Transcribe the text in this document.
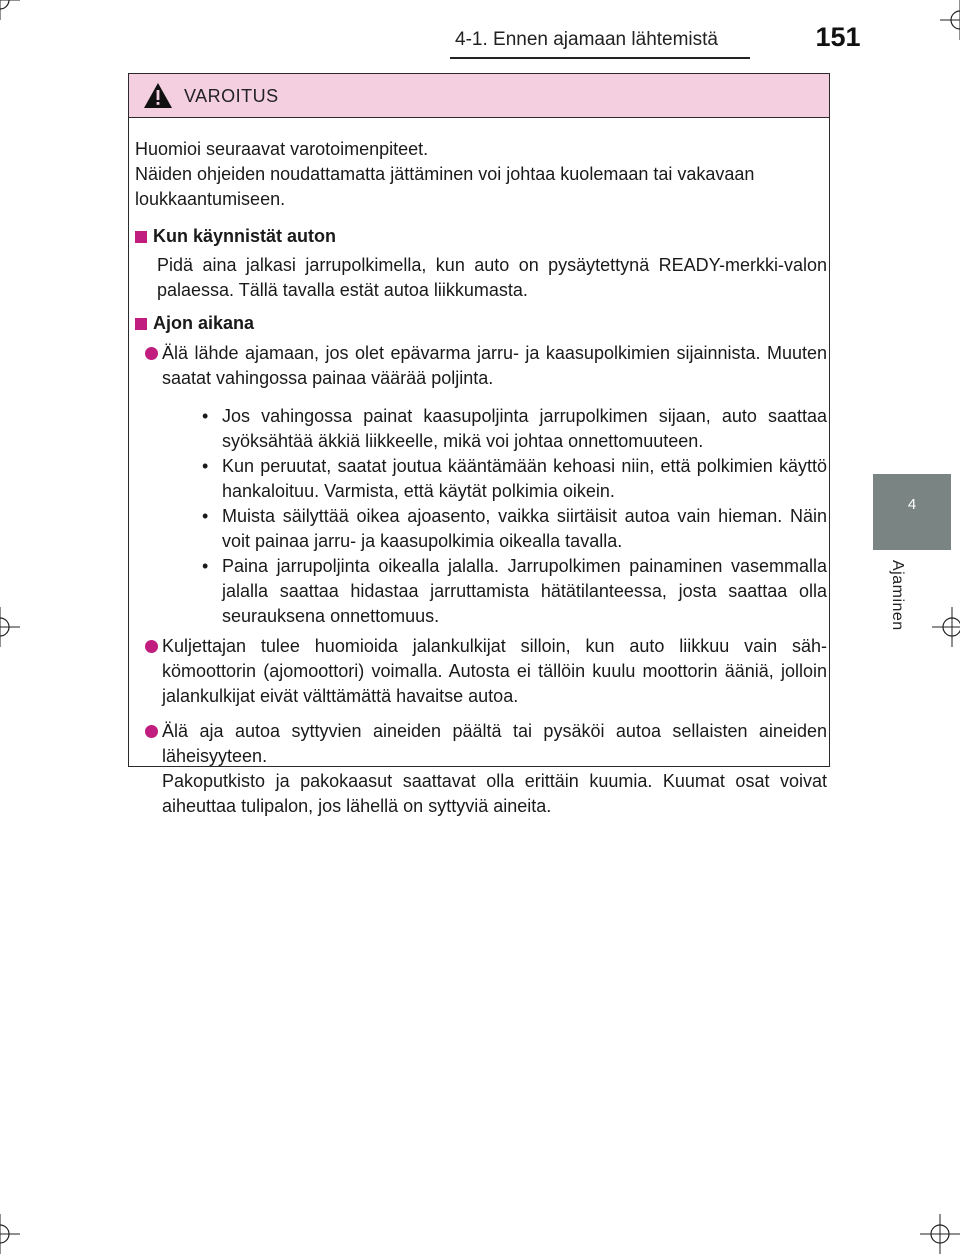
4-1. Ennen ajamaan lähtemistä	151
4
Ajaminen
VAROITUS

Huomioi seuraavat varotoimenpiteet.

Näiden ohjeiden noudattamatta jättäminen voi johtaa kuolemaan tai vakavaan loukkaantumiseen.

Kun käynnistät auton

Pidä aina jalkasi jarrupolkimella, kun auto on pysäytettynä READY-merkki-valon palaessa. Tällä tavalla estät autoa liikkumasta.

Ajon aikana

Älä lähde ajamaan, jos olet epävarma jarru- ja kaasupolkimien sijainnista. Muuten saatat vahingossa painaa väärää poljinta.

• Jos vahingossa painat kaasupoljinta jarrupolkimen sijaan, auto saattaa syöksähtää äkkiä liikkeelle, mikä voi johtaa onnettomuuteen.
• Kun peruutat, saatat joutua kääntämään kehoasi niin, että polkimien käyttö hankaloituu. Varmista, että käytät polkimia oikein.
• Muista säilyttää oikea ajoasento, vaikka siirtäisit autoa vain hieman. Näin voit painaa jarru- ja kaasupolkimia oikealla tavalla.
• Paina jarrupoljinta oikealla jalalla. Jarrupolkimen painaminen vasemmalla jalalla saattaa hidastaa jarruttamista hätätilanteessa, josta saattaa olla seurauksena onnettomuus.

Kuljettajan tulee huomioida jalankulkijat silloin, kun auto liikkuu vain säh-kömoottorin (ajomoottori) voimalla. Autosta ei tällöin kuulu moottorin ääniä, jolloin jalankulkijat eivät välttämättä havaitse autoa.

Älä aja autoa syttyvien aineiden päältä tai pysäköi autoa sellaisten aineiden läheisyyteen.

Pakoputkisto ja pakokaasut saattavat olla erittäin kuumia. Kuumat osat voivat aiheuttaa tulipalon, jos lähellä on syttyviä aineita.
